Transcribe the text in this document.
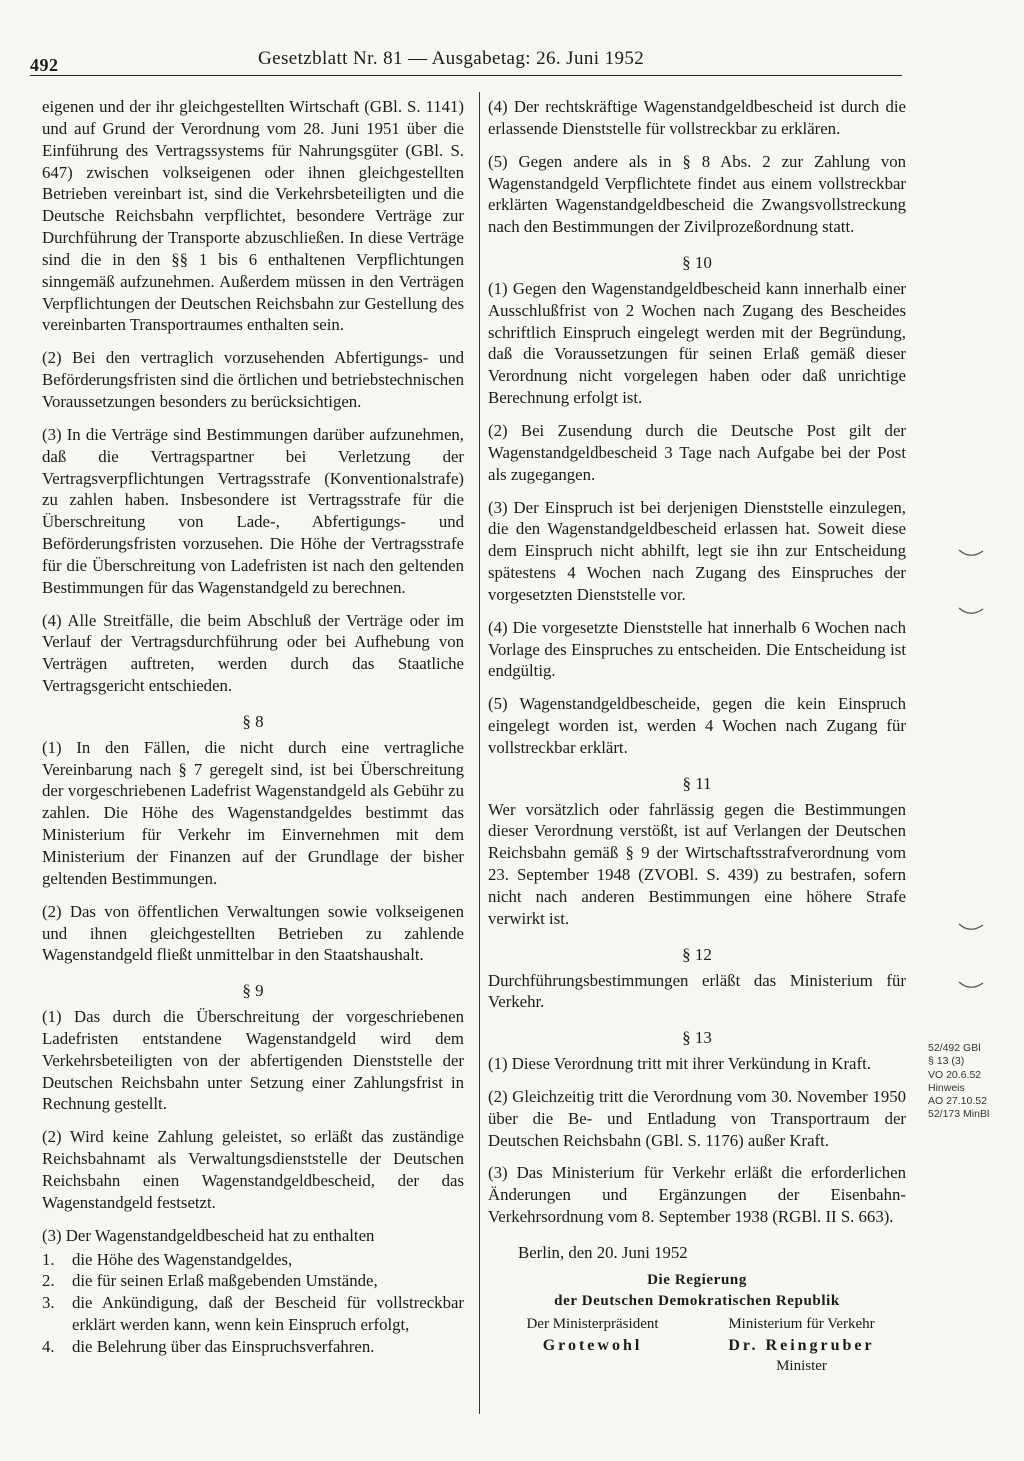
492	Gesetzblatt Nr. 81 — Ausgabetag: 26. Juni 1952

eigenen und der ihr gleichgestellten Wirtschaft (GBl. S. 1141) und auf Grund der Verordnung vom 28. Juni 1951 über die Einführung des Vertragssystems für Nahrungsgüter (GBl. S. 647) zwischen volkseigenen oder ihnen gleichgestellten Betrieben vereinbart ist, sind die Verkehrsbeteiligten und die Deutsche Reichsbahn verpflichtet, besondere Verträge zur Durchführung der Transporte abzuschließen. In diese Verträge sind die in den §§ 1 bis 6 enthaltenen Verpflichtungen sinngemäß aufzunehmen. Außerdem müssen in den Verträgen Verpflichtungen der Deutschen Reichsbahn zur Gestellung des vereinbarten Transportraumes enthalten sein.

(2) Bei den vertraglich vorzusehenden Abfertigungs- und Beförderungsfristen sind die örtlichen und betriebstechnischen Voraussetzungen besonders zu berücksichtigen.

(3) In die Verträge sind Bestimmungen darüber aufzunehmen, daß die Vertragspartner bei Verletzung der Vertragsverpflichtungen Vertragsstrafe (Konventionalstrafe) zu zahlen haben. Insbesondere ist Vertragsstrafe für die Überschreitung von Lade-, Abfertigungs- und Beförderungsfristen vorzusehen. Die Höhe der Vertragsstrafe für die Überschreitung von Ladefristen ist nach den geltenden Bestimmungen für das Wagenstandgeld zu berechnen.

(4) Alle Streitfälle, die beim Abschluß der Verträge oder im Verlauf der Vertragsdurchführung oder bei Aufhebung von Verträgen auftreten, werden durch das Staatliche Vertragsgericht entschieden.

§ 8

(1) In den Fällen, die nicht durch eine vertragliche Vereinbarung nach § 7 geregelt sind, ist bei Überschreitung der vorgeschriebenen Ladefrist Wagenstandgeld als Gebühr zu zahlen. Die Höhe des Wagenstandgeldes bestimmt das Ministerium für Verkehr im Einvernehmen mit dem Ministerium der Finanzen auf der Grundlage der bisher geltenden Bestimmungen.

(2) Das von öffentlichen Verwaltungen sowie volkseigenen und ihnen gleichgestellten Betrieben zu zahlende Wagenstandgeld fließt unmittelbar in den Staatshaushalt.

§ 9

(1) Das durch die Überschreitung der vorgeschriebenen Ladefristen entstandene Wagenstandgeld wird dem Verkehrsbeteiligten von der abfertigenden Dienststelle der Deutschen Reichsbahn unter Setzung einer Zahlungsfrist in Rechnung gestellt.

(2) Wird keine Zahlung geleistet, so erläßt das zuständige Reichsbahnamt als Verwaltungsdienststelle der Deutschen Reichsbahn einen Wagenstandgeldbescheid, der das Wagenstandgeld festsetzt.

(3) Der Wagenstandgeldbescheid hat zu enthalten

1.	die Höhe des Wagenstandgeldes,
2.	die für seinen Erlaß maßgebenden Umstände,
3.	die Ankündigung, daß der Bescheid für vollstreckbar erklärt werden kann, wenn kein Einspruch erfolgt,
4.	die Belehrung über das Einspruchsverfahren.

(4) Der rechtskräftige Wagenstandgeldbescheid ist durch die erlassende Dienststelle für vollstreckbar zu erklären.

(5) Gegen andere als in § 8 Abs. 2 zur Zahlung von Wagenstandgeld Verpflichtete findet aus einem vollstreckbar erklärten Wagenstandgeldbescheid die Zwangsvollstreckung nach den Bestimmungen der Zivilprozeßordnung statt.

§ 10

(1) Gegen den Wagenstandgeldbescheid kann innerhalb einer Ausschlußfrist von 2 Wochen nach Zugang des Bescheides schriftlich Einspruch eingelegt werden mit der Begründung, daß die Voraussetzungen für seinen Erlaß gemäß dieser Verordnung nicht vorgelegen haben oder daß unrichtige Berechnung erfolgt ist.

(2) Bei Zusendung durch die Deutsche Post gilt der Wagenstandgeldbescheid 3 Tage nach Aufgabe bei der Post als zugegangen.

(3) Der Einspruch ist bei derjenigen Dienststelle einzulegen, die den Wagenstandgeldbescheid erlassen hat. Soweit diese dem Einspruch nicht abhilft, legt sie ihn zur Entscheidung spätestens 4 Wochen nach Zugang des Einspruches der vorgesetzten Dienststelle vor.

(4) Die vorgesetzte Dienststelle hat innerhalb 6 Wochen nach Vorlage des Einspruches zu entscheiden. Die Entscheidung ist endgültig.

(5) Wagenstandgeldbescheide, gegen die kein Einspruch eingelegt worden ist, werden 4 Wochen nach Zugang für vollstreckbar erklärt.

§ 11

Wer vorsätzlich oder fahrlässig gegen die Bestimmungen dieser Verordnung verstößt, ist auf Verlangen der Deutschen Reichsbahn gemäß § 9 der Wirtschaftsstrafverordnung vom 23. September 1948 (ZVOBl. S. 439) zu bestrafen, sofern nicht nach anderen Bestimmungen eine höhere Strafe verwirkt ist.

§ 12

Durchführungsbestimmungen erläßt das Ministerium für Verkehr.

§ 13

(1) Diese Verordnung tritt mit ihrer Verkündung in Kraft.

(2) Gleichzeitig tritt die Verordnung vom 30. November 1950 über die Be- und Entladung von Transportraum der Deutschen Reichsbahn (GBl. S. 1176) außer Kraft.

(3) Das Ministerium für Verkehr erläßt die erforderlichen Änderungen und Ergänzungen der Eisenbahn-Verkehrsordnung vom 8. September 1938 (RGBl. II S. 663).

Berlin, den 20. Juni 1952
Die Regierung
der Deutschen Demokratischen Republik
Der Ministerpräsident
Grotewohl
Ministerium für Verkehr
Dr. Reingruber
Minister
52/492 GBl
§ 13 (3)
VO 20.6.52
Hinweis
AO 27.10.52
52/173 MinBl
